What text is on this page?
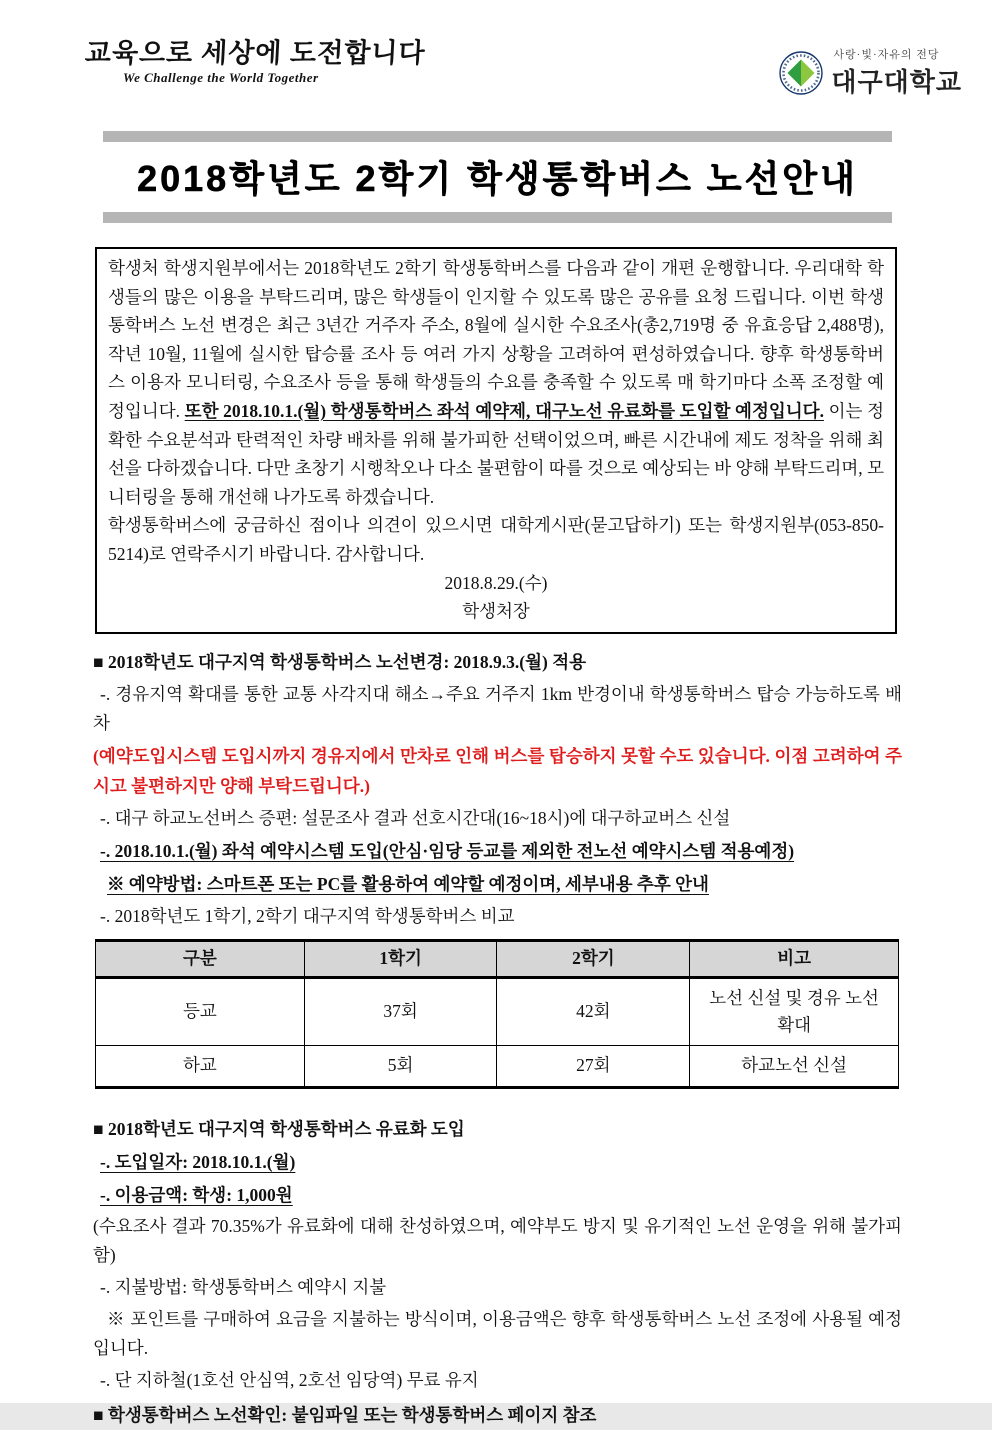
교육으로 세상에 도전합니다
We Challenge the World Together
사랑·빛·자유의 전당
대구대학교
2018학년도 2학기 학생통학버스 노선안내

학생처 학생지원부에서는 2018학년도 2학기 학생통학버스를 다음과 같이 개편 운행합니다. 우리대학 학생들의 많은 이용을 부탁드리며, 많은 학생들이 인지할 수 있도록 많은 공유를 요청 드립니다. 이번 학생통학버스 노선 변경은 최근 3년간 거주자 주소, 8월에 실시한 수요조사(총2,719명 중 유효응답 2,488명), 작년 10월, 11월에 실시한 탑승률 조사 등 여러 가지 상황을 고려하여 편성하였습니다. 향후 학생통학버스 이용자 모니터링, 수요조사 등을 통해 학생들의 수요를 충족할 수 있도록 매 학기마다 소폭 조정할 예정입니다. 또한 2018.10.1.(월) 학생통학버스 좌석 예약제, 대구노선 유료화를 도입할 예정입니다. 이는 정확한 수요분석과 탄력적인 차량 배차를 위해 불가피한 선택이었으며, 빠른 시간내에 제도 정착을 위해 최선을 다하겠습니다. 다만 초창기 시행착오나 다소 불편함이 따를 것으로 예상되는 바 양해 부탁드리며, 모니터링을 통해 개선해 나가도록 하겠습니다.

학생통학버스에 궁금하신 점이나 의견이 있으시면 대학게시판(묻고답하기) 또는 학생지원부(053-850-5214)로 연락주시기 바랍니다. 감사합니다.

2018.8.29.(수)

학생처장

■ 2018학년도 대구지역 학생통학버스 노선변경: 2018.9.3.(월) 적용
-. 경유지역 확대를 통한 교통 사각지대 해소→주요 거주지 1km 반경이내 학생통학버스 탑승 가능하도록 배차
(예약도입시스템 도입시까지 경유지에서 만차로 인해 버스를 탑승하지 못할 수도 있습니다. 이점 고려하여 주시고 불편하지만 양해 부탁드립니다.)
-. 대구 하교노선버스 증편: 설문조사 결과 선호시간대(16~18시)에 대구하교버스 신설
-. 2018.10.1.(월) 좌석 예약시스템 도입(안심·임당 등교를 제외한 전노선 예약시스템 적용예정)
※ 예약방법: 스마트폰 또는 PC를 활용하여 예약할 예정이며, 세부내용 추후 안내
-. 2018학년도 1학기, 2학기 대구지역 학생통학버스 비교
구분	1학기	2학기	비고
등교	37회	42회	노선 신설 및 경유 노선 확대
하교	5회	27회	하교노선 신설
■ 2018학년도 대구지역 학생통학버스 유료화 도입
-. 도입일자: 2018.10.1.(월)
-. 이용금액: 학생: 1,000원
(수요조사 결과 70.35%가 유료화에 대해 찬성하였으며, 예약부도 방지 및 유기적인 노선 운영을 위해 불가피함)
-. 지불방법: 학생통학버스 예약시 지불
※ 포인트를 구매하여 요금을 지불하는 방식이며, 이용금액은 향후 학생통학버스 노선 조정에 사용될 예정입니다.
-. 단 지하철(1호선 안심역, 2호선 임당역) 무료 유지
■ 학생통학버스 노선확인: 붙임파일 또는 학생통학버스 페이지 참조
